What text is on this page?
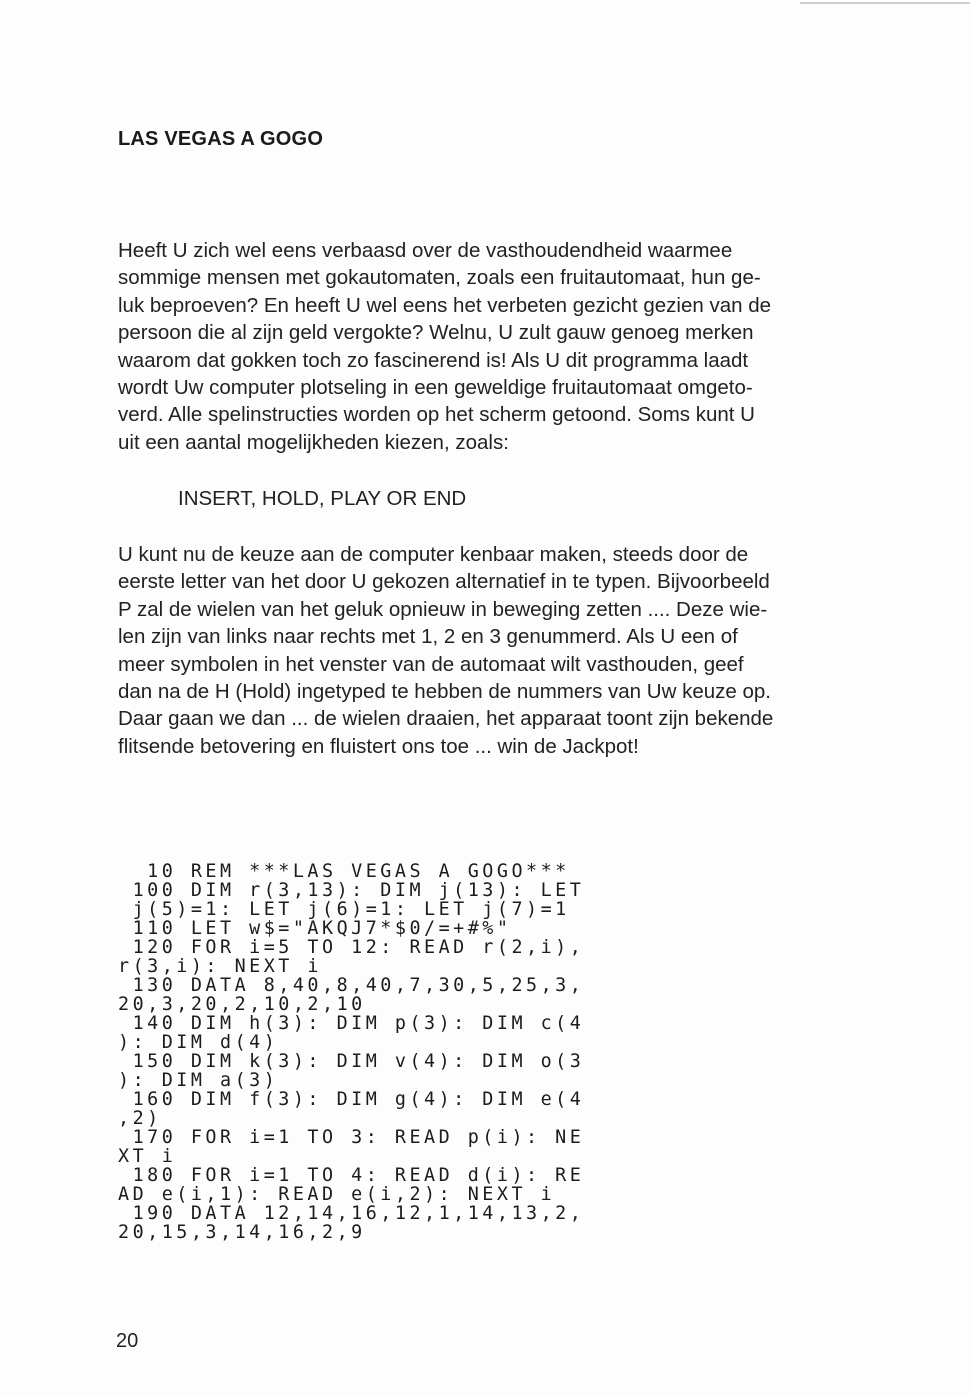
LAS VEGAS A GOGO
Heeft U zich wel eens verbaasd over de vasthoudendheid waarmee
sommige mensen met gokautomaten, zoals een fruitautomaat, hun ge-
luk beproeven? En heeft U wel eens het verbeten gezicht gezien van de
persoon die al zijn geld vergokte? Welnu, U zult gauw genoeg merken
waarom dat gokken toch zo fascinerend is! Als U dit programma laadt
wordt Uw computer plotseling in een geweldige fruitautomaat omgeto-
verd. Alle spelinstructies worden op het scherm getoond. Soms kunt U
uit een aantal mogelijkheden kiezen, zoals:
INSERT, HOLD, PLAY OR END
U kunt nu de keuze aan de computer kenbaar maken, steeds door de
eerste letter van het door U gekozen alternatief in te typen. Bijvoorbeeld
P zal de wielen van het geluk opnieuw in beweging zetten .... Deze wie-
len zijn van links naar rechts met 1, 2 en 3 genummerd. Als U een of
meer symbolen in het venster van de automaat wilt vasthouden, geef
dan na de H (Hold) ingetyped te hebben de nummers van Uw keuze op.
Daar gaan we dan ... de wielen draaien, het apparaat toont zijn bekende
flitsende betovering en fluistert ons toe ... win de Jackpot!
10 REM ***LAS VEGAS A GOGO***
100 DIM r(3,13): DIM j(13): LET
j(5)=1: LET j(6)=1: LET j(7)=1
110 LET w$="AKQJ7*$0/=+#%"
120 FOR i=5 TO 12: READ r(2,i),
r(3,i): NEXT i
130 DATA 8,40,8,40,7,30,5,25,3,
20,3,20,2,10,2,10
140 DIM h(3): DIM p(3): DIM c(4
): DIM d(4)
150 DIM k(3): DIM v(4): DIM o(3
): DIM a(3)
160 DIM f(3): DIM g(4): DIM e(4
,2)
170 FOR i=1 TO 3: READ p(i): NE
XT i
180 FOR i=1 TO 4: READ d(i): RE
AD e(i,1): READ e(i,2): NEXT i
190 DATA 12,14,16,12,1,14,13,2,
20,15,3,14,16,2,9
20
